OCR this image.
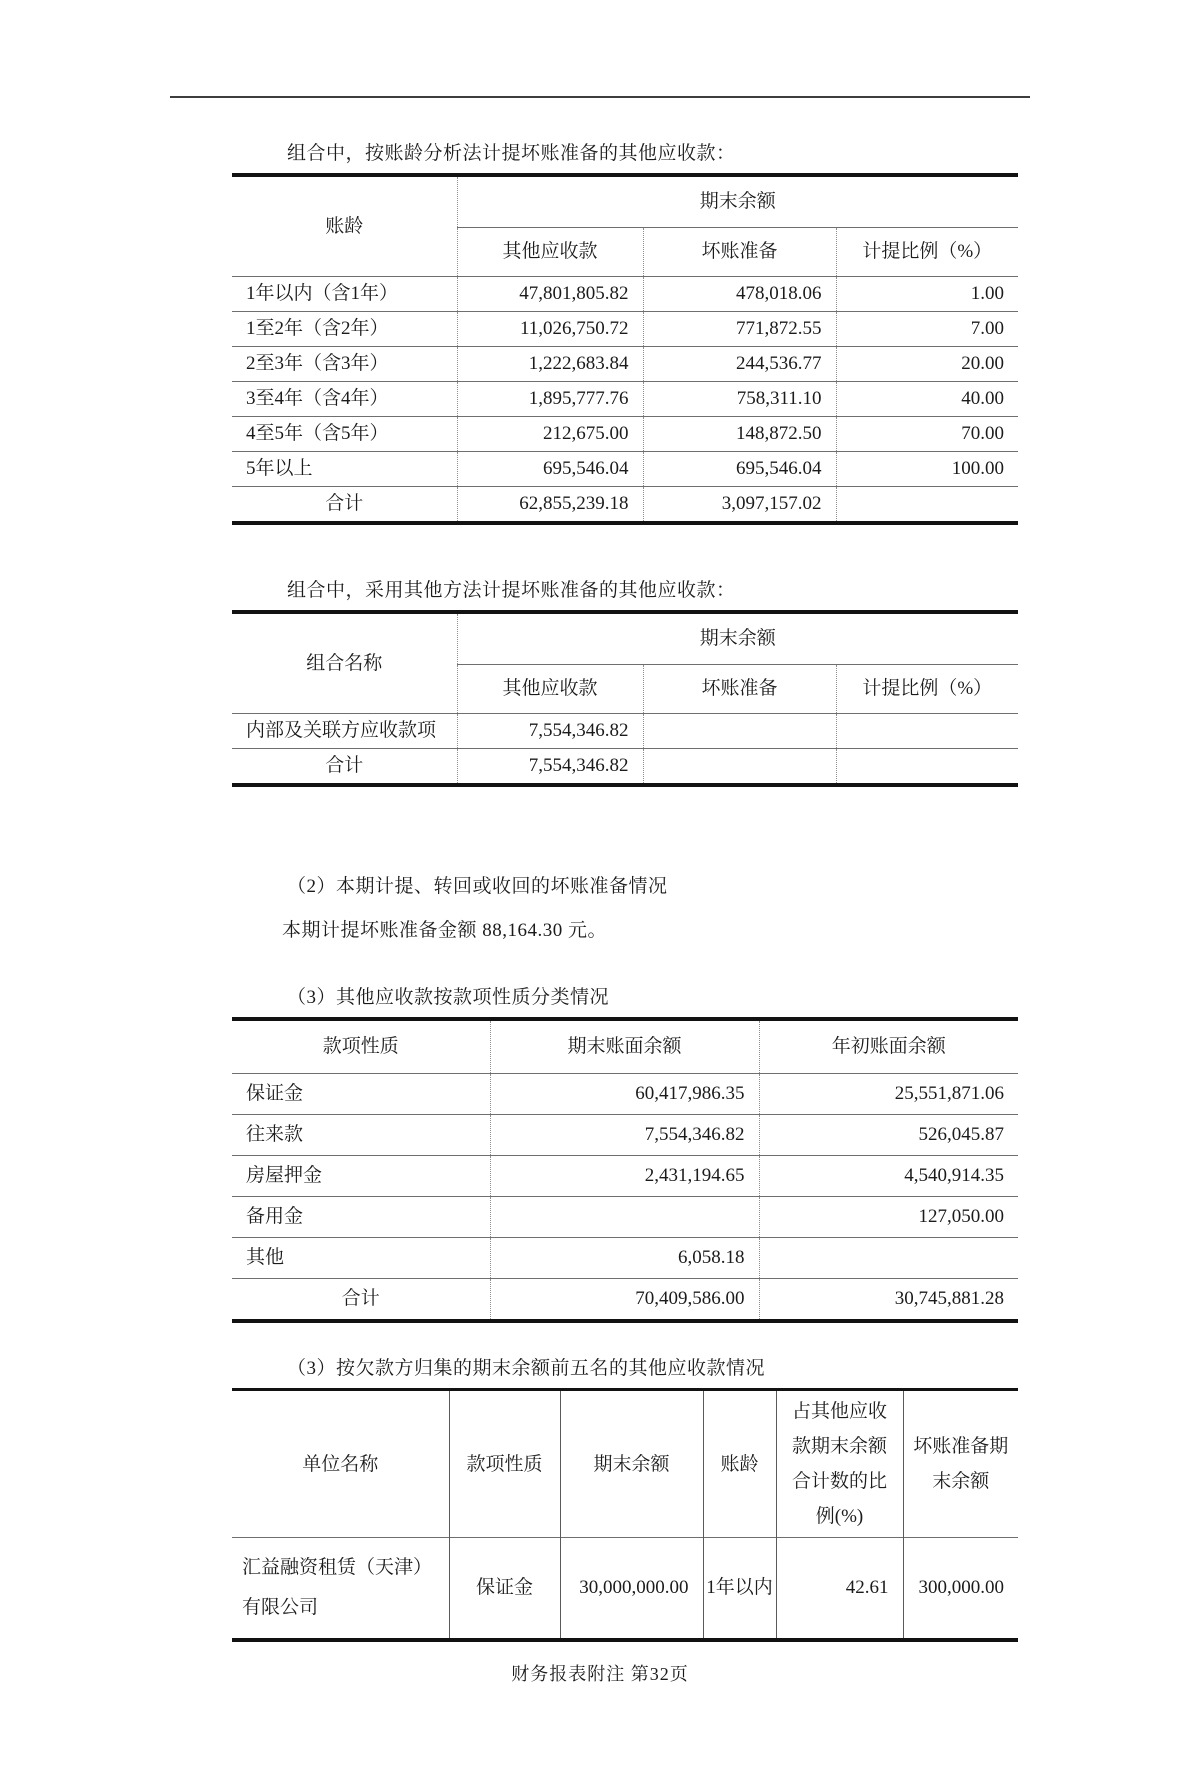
组合中，按账龄分析法计提坏账准备的其他应收款：

账龄	期末余额		
	其他应收款	坏账准备	计提比例（%）
1年以内（含1年）	47,801,805.82	478,018.06	1.00
1至2年（含2年）	11,026,750.72	771,872.55	7.00
2至3年（含3年）	1,222,683.84	244,536.77	20.00
3至4年（含4年）	1,895,777.76	758,311.10	40.00
4至5年（含5年）	212,675.00	148,872.50	70.00
5年以上	695,546.04	695,546.04	100.00
合计	62,855,239.18	3,097,157.02	

组合中，采用其他方法计提坏账准备的其他应收款：

组合名称	期末余额		
	其他应收款	坏账准备	计提比例（%）
内部及关联方应收款项	7,554,346.82		
合计	7,554,346.82		

（2）本期计提、转回或收回的坏账准备情况

本期计提坏账准备金额 88,164.30 元。

（3）其他应收款按款项性质分类情况

款项性质	期末账面余额	年初账面余额
保证金	60,417,986.35	25,551,871.06
往来款	7,554,346.82	526,045.87
房屋押金	2,431,194.65	4,540,914.35
备用金		127,050.00
其他	6,058.18	
合计	70,409,586.00	30,745,881.28

（3）按欠款方归集的期末余额前五名的其他应收款情况

单位名称	款项性质	期末余额	账龄	占其他应收款期末余额合计数的比例(%)	坏账准备期末余额
汇益融资租赁（天津）有限公司	保证金	30,000,000.00	1年以内	42.61	300,000.00

财务报表附注 第32页
